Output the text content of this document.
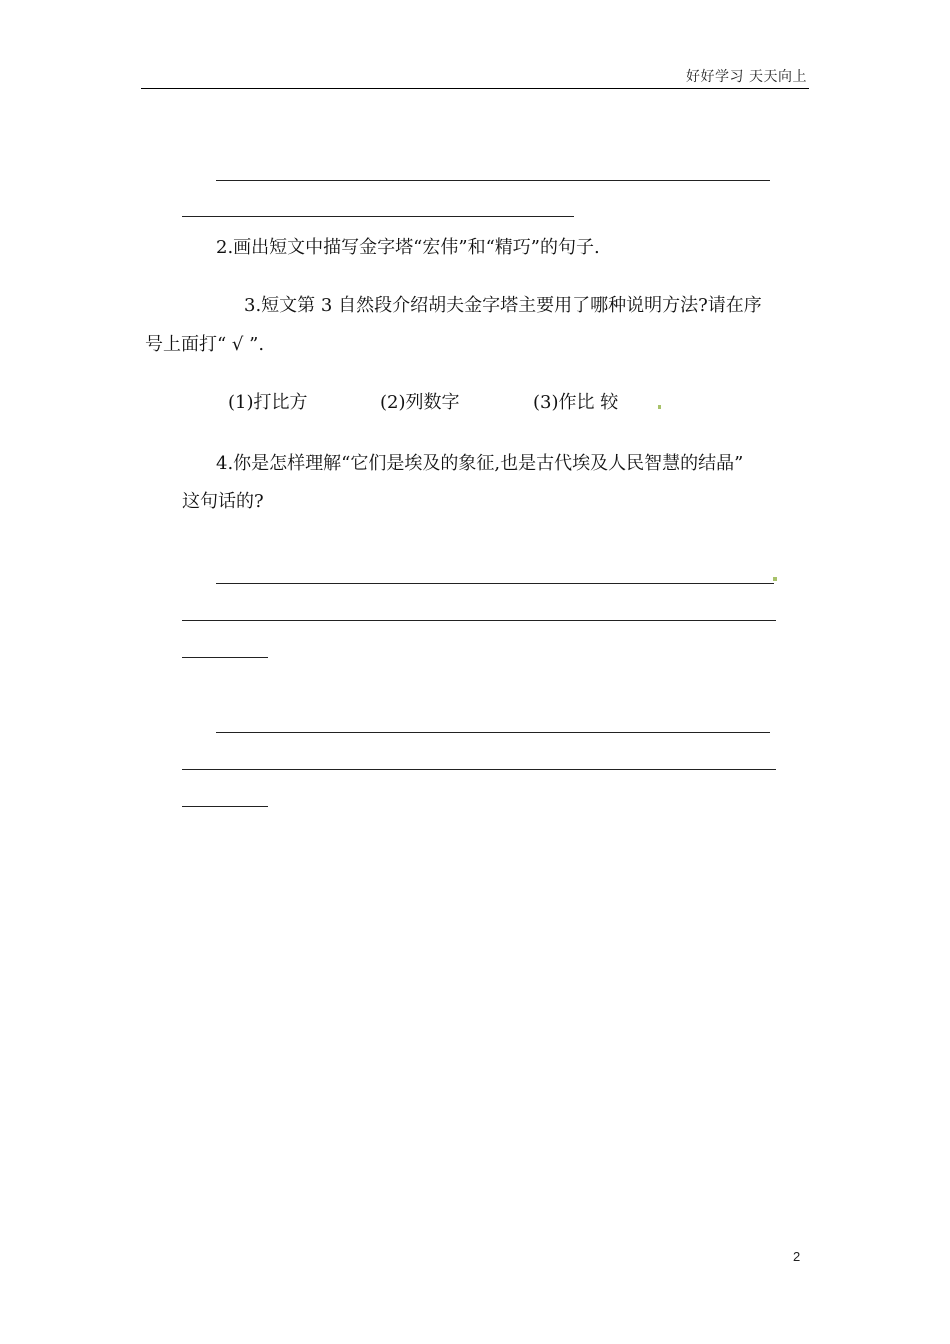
好好学习 天天向上
2.画出短文中描写金字塔“宏伟”和“精巧”的句子.
3.短文第 3 自然段介绍胡夫金字塔主要用了哪种说明方法?请在序
号上面打“ √ ”.
(1)打比方	(2)列数字	(3)作比 较
4.你是怎样理解“它们是埃及的象征,也是古代埃及人民智慧的结晶”
这句话的?
2
